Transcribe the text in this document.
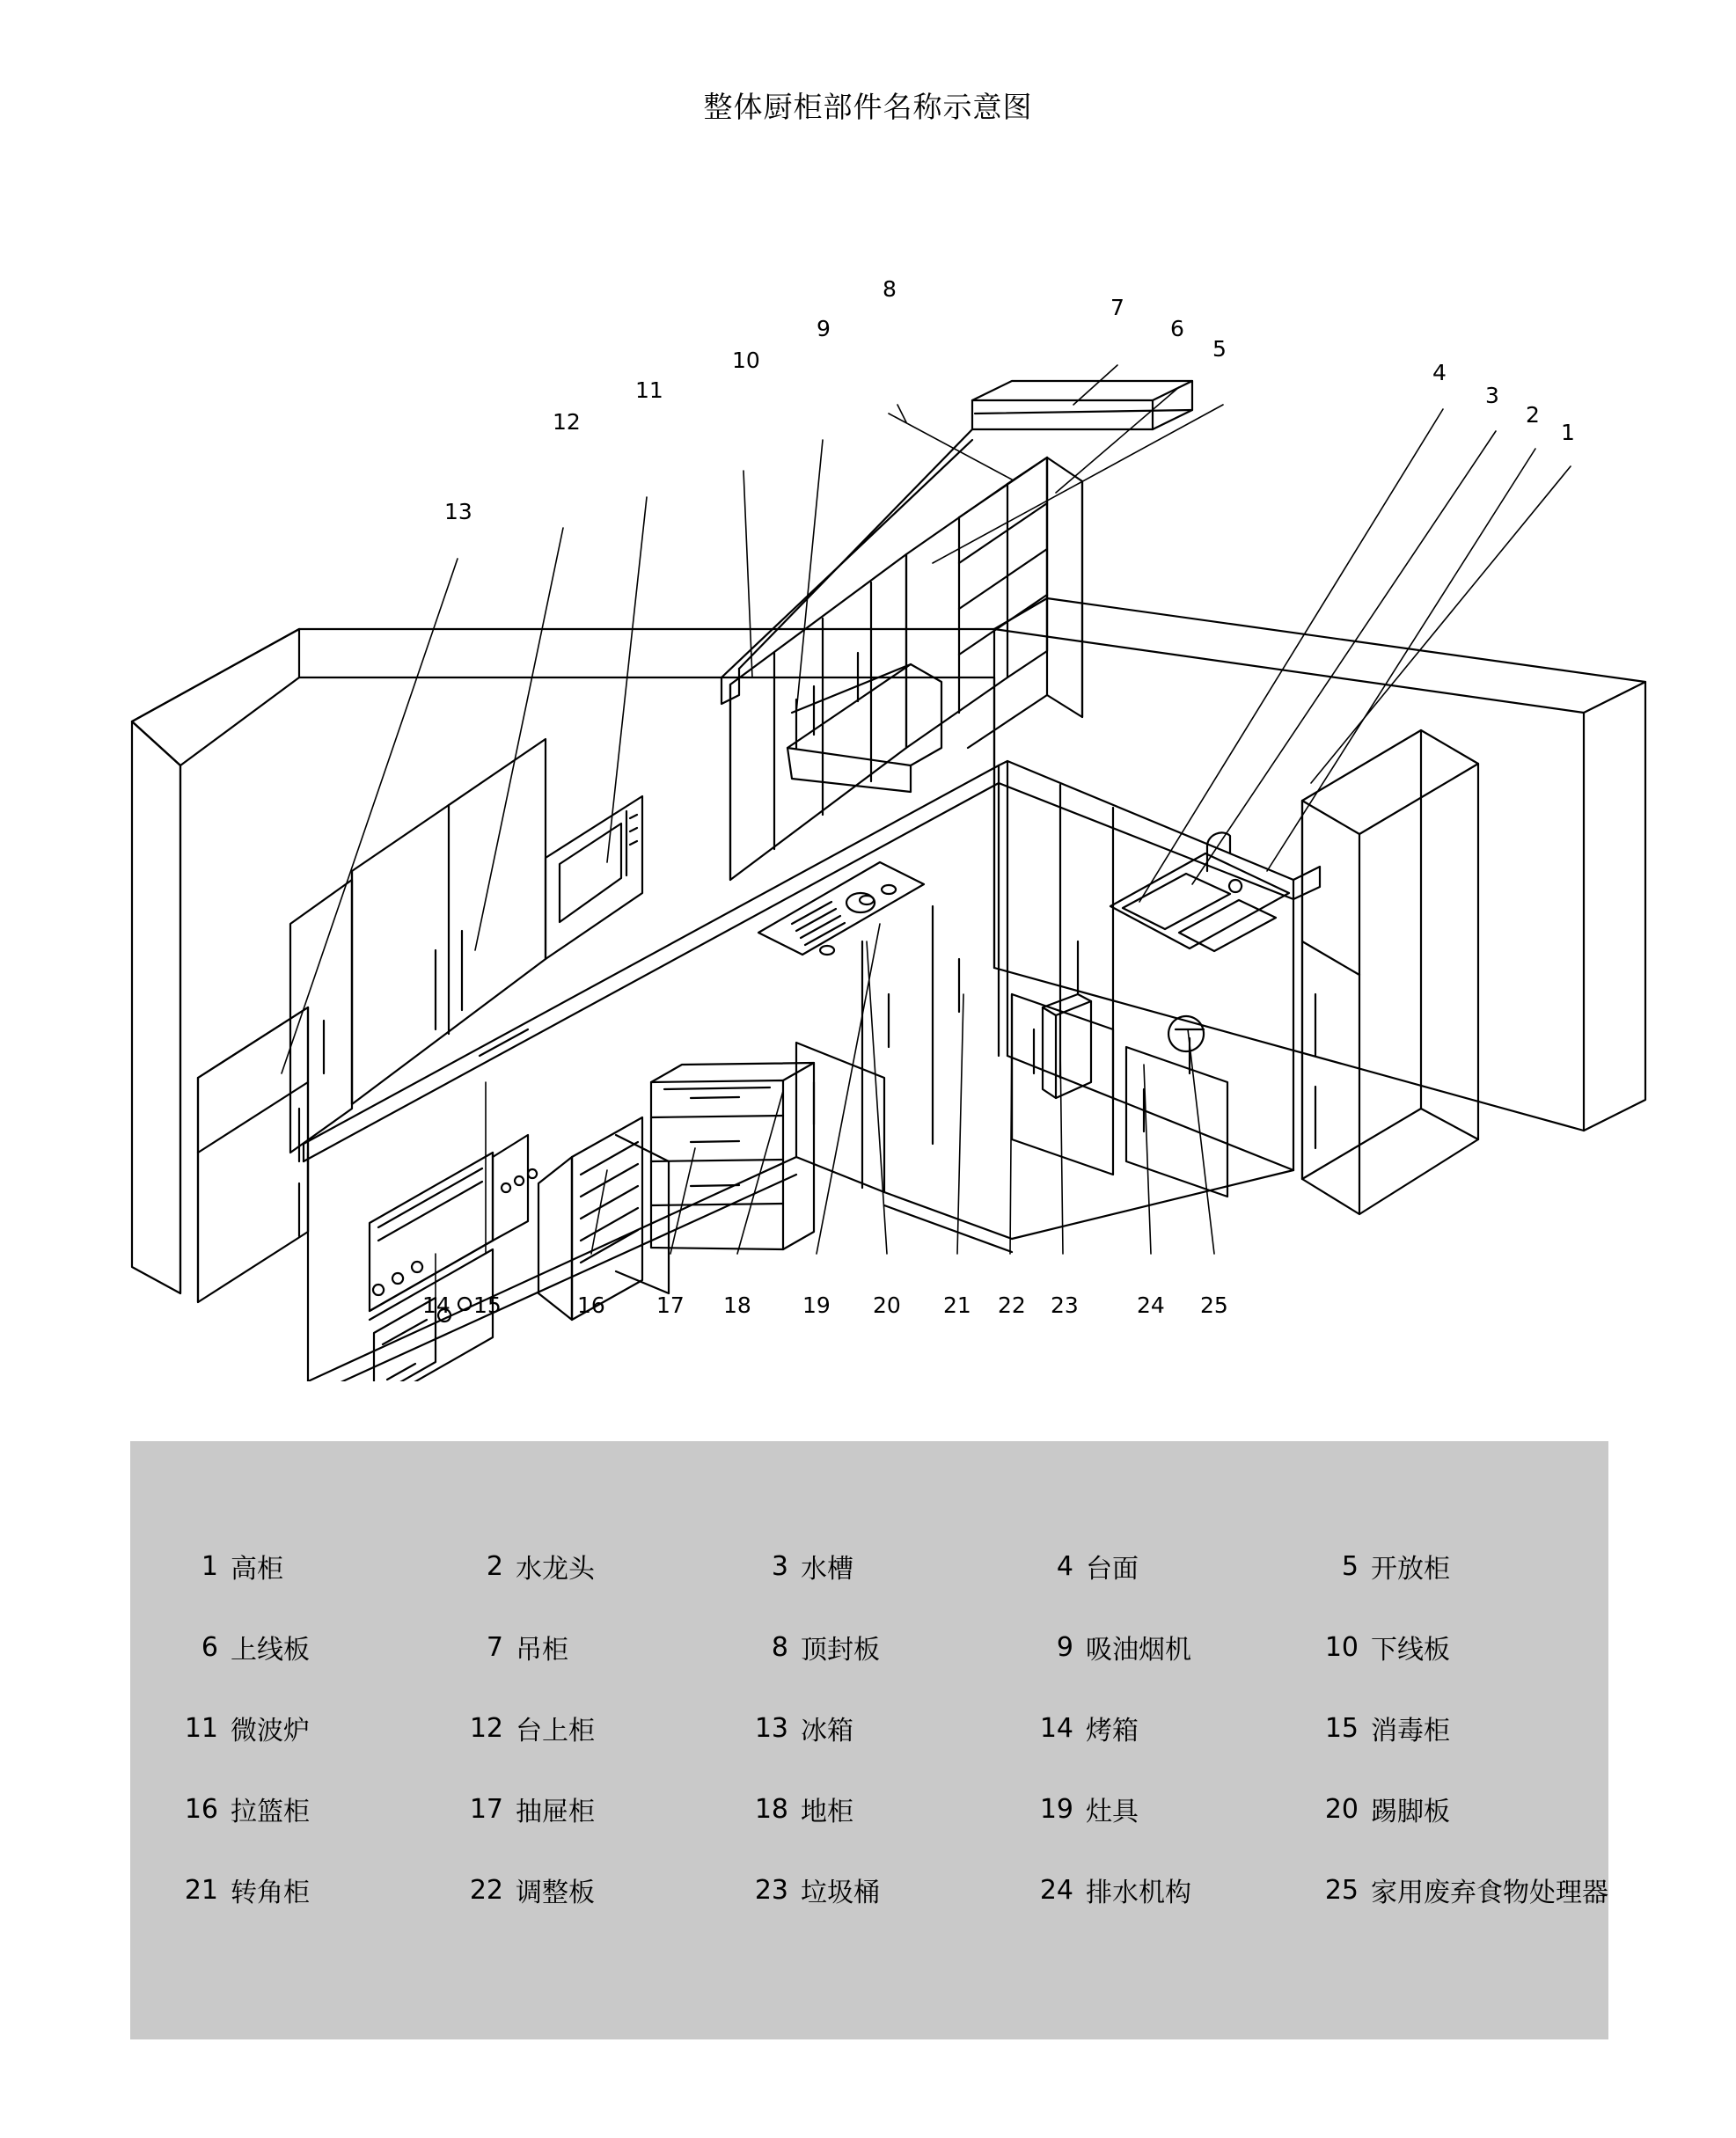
整体厨柜部件名称示意图
7
6
5
8
9
10
11
12
13
4
3
2
1
14 15	16 17 18 19 20 21 22 23	24 25
1 高柜	2 水龙头	3 水槽	4 台面	5 开放柜
6 上线板	7 吊柜	8 顶封板	9 吸油烟机	10 下线板
11 微波炉	12 台上柜	13 冰箱	14 烤箱	15 消毒柜
16 拉篮柜	17 抽屉柜	18 地柜	19 灶具	20 踢脚板
21 转角柜	22 调整板	23 垃圾桶	24 排水机构	25 家用废弃食物处理器
